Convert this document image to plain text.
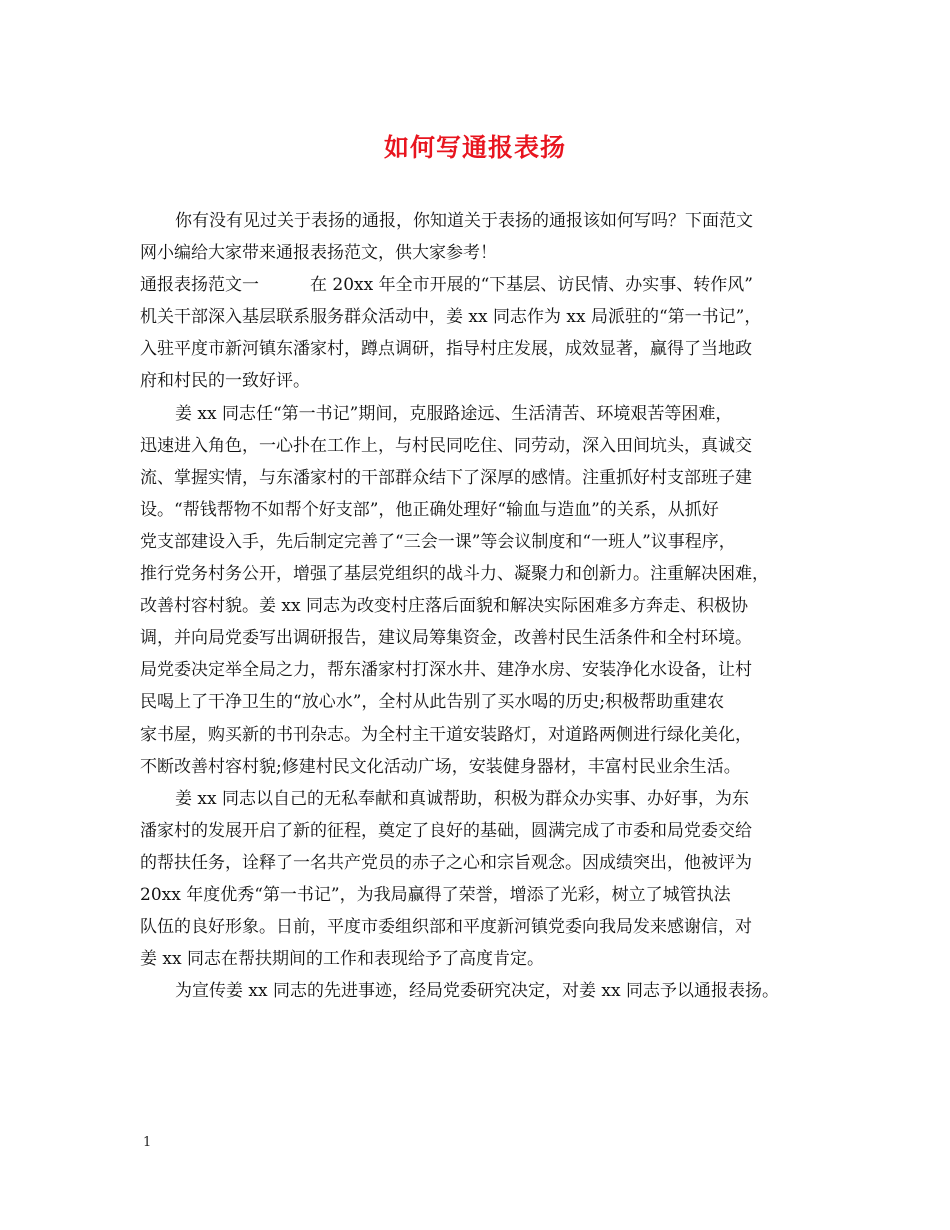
如何写通报表扬
你有没有见过关于表扬的通报，你知道关于表扬的通报该如何写吗？下面范文
网小编给大家带来通报表扬范文，供大家参考！
通报表扬范文一　　　在 20xx 年全市开展的“下基层、访民情、办实事、转作风”
机关干部深入基层联系服务群众活动中，姜 xx 同志作为 xx 局派驻的“第一书记”，
入驻平度市新河镇东潘家村，蹲点调研，指导村庄发展，成效显著，赢得了当地政
府和村民的一致好评。
姜 xx 同志任“第一书记”期间，克服路途远、生活清苦、环境艰苦等困难，
迅速进入角色，一心扑在工作上，与村民同吃住、同劳动，深入田间坑头，真诚交
流、掌握实情，与东潘家村的干部群众结下了深厚的感情。注重抓好村支部班子建
设。“帮钱帮物不如帮个好支部”，他正确处理好“输血与造血”的关系，从抓好
党支部建设入手，先后制定完善了“三会一课”等会议制度和“一班人”议事程序，
推行党务村务公开，增强了基层党组织的战斗力、凝聚力和创新力。注重解决困难，
改善村容村貌。姜 xx 同志为改变村庄落后面貌和解决实际困难多方奔走、积极协
调，并向局党委写出调研报告，建议局筹集资金，改善村民生活条件和全村环境。
局党委决定举全局之力，帮东潘家村打深水井、建净水房、安装净化水设备，让村
民喝上了干净卫生的“放心水”，全村从此告别了买水喝的历史;积极帮助重建农
家书屋，购买新的书刊杂志。为全村主干道安装路灯，对道路两侧进行绿化美化，
不断改善村容村貌;修建村民文化活动广场，安装健身器材，丰富村民业余生活。
姜 xx 同志以自己的无私奉献和真诚帮助，积极为群众办实事、办好事，为东
潘家村的发展开启了新的征程，奠定了良好的基础，圆满完成了市委和局党委交给
的帮扶任务，诠释了一名共产党员的赤子之心和宗旨观念。因成绩突出，他被评为
20xx 年度优秀“第一书记”，为我局赢得了荣誉，增添了光彩，树立了城管执法
队伍的良好形象。日前，平度市委组织部和平度新河镇党委向我局发来感谢信，对
姜 xx 同志在帮扶期间的工作和表现给予了高度肯定。
为宣传姜 xx 同志的先进事迹，经局党委研究决定，对姜 xx 同志予以通报表扬。
1
